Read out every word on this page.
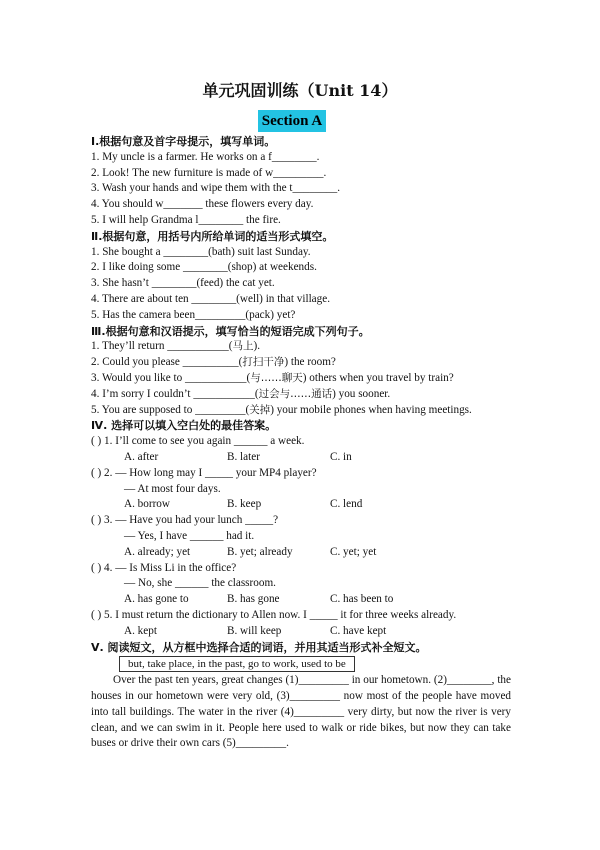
单元巩固训练（Unit 14）
Section A
Ⅰ.根据句意及首字母提示，填写单词。
1. My uncle is a farmer. He works on a f________.
2. Look! The new furniture is made of w_________.
3. Wash your hands and wipe them with the t________.
4. You should w_______ these flowers every day.
5. I will help Grandma l________ the fire.
Ⅱ.根据句意，用括号内所给单词的适当形式填空。
1. She bought a ________(bath) suit last Sunday.
2. I like doing some ________(shop) at weekends.
3. She hasn’t ________(feed) the cat yet.
4. There are about ten ________(well) in that village.
5. Has the camera been_________(pack) yet?
Ⅲ.根据句意和汉语提示，填写恰当的短语完成下列句子。
1. They’ll return ___________(马上).
2. Could you please __________(打扫干净) the room?
3. Would you like to ___________(与……聊天) others when you travel by train?
4. I’m sorry I couldn’t ___________(过会与……通话) you sooner.
5. You are supposed to _________(关掉) your mobile phones when having meetings.
Ⅳ. 选择可以填入空白处的最佳答案。
( ) 1. I’ll come to see you again ______ a week.
A. after	B. later	C. in
( ) 2. — How long may I _____ your MP4 player?
— At most four days.
A. borrow	B. keep	C. lend
( ) 3. — Have you had your lunch _____?
— Yes, I have ______ had it.
A. already; yet	B. yet; already	C. yet; yet
( ) 4. — Is Miss Li in the office?
— No, she ______ the classroom.
A. has gone to	B. has gone	C. has been to
( ) 5. I must return the dictionary to Allen now. I _____ it for three weeks already.
A. kept	B. will keep	C. have kept
Ⅴ. 阅读短文，从方框中选择合适的词语，并用其适当形式补全短文。
but, take place, in the past, go to work, used to be

Over the past ten years, great changes (1)_________ in our hometown. (2)________, the houses in our hometown were very old, (3)_________ now most of the people have moved into tall buildings. The water in the river (4)_________ very dirty, but now the river is very clean, and we can swim in it. People here used to walk or ride bikes, but now they can take buses or drive their own cars (5)_________.
